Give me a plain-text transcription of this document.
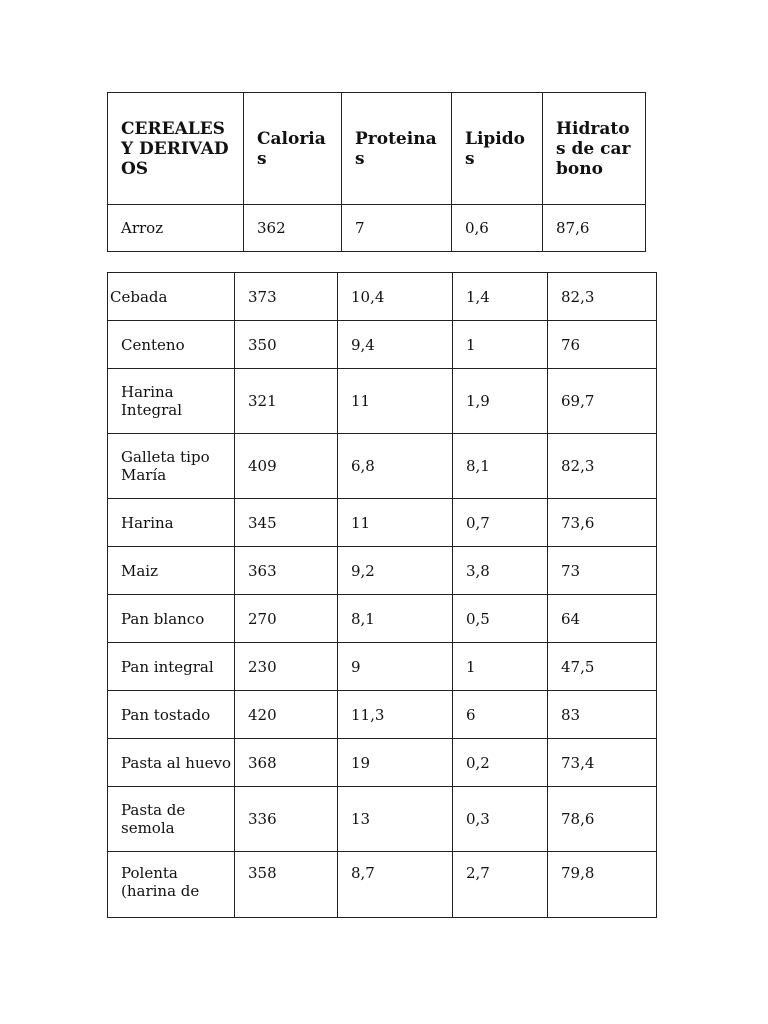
CEREALES Y DERIVADOS	Calorias	Proteinas	Lipidos	Hidratos de carbono

Arroz	362	7	0,6	87,6
Cebada	373	10,4	1,4	82,3
Centeno	350	9,4	1	76

Harina Integral	321	11	1,9	69,7

Galleta tipo María	409	6,8	8,1	82,3
Harina	345	11	0,7	73,6
Maiz	363	9,2	3,8	73
Pan blanco	270	8,1	0,5	64
Pan integral	230	9	1	47,5
Pan tostado	420	11,3	6	83
Pasta al huevo	368	19	0,2	73,4

Pasta de semola	336	13	0,3	78,6

Polenta (harina de	358	8,7	2,7	79,8
